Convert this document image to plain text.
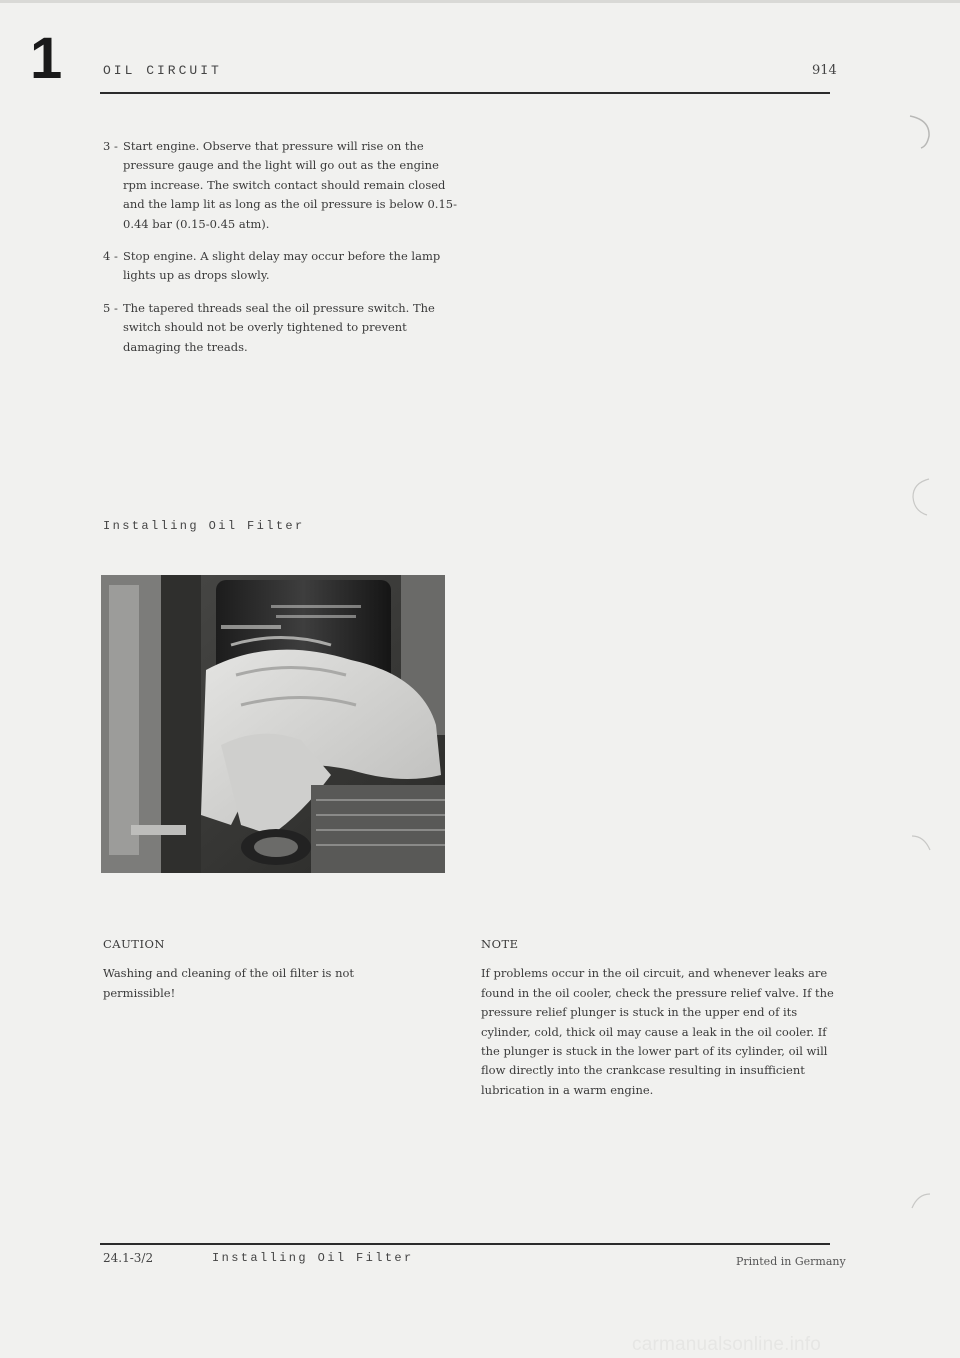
1	OIL CIRCUIT	914
3 - Start engine. Observe that pressure will rise on the pressure gauge and the light will go out as the engine rpm increase. The switch contact should remain closed and the lamp lit as long as the oil pressure is below 0.15-0.44 bar (0.15-0.45 atm).
4 - Stop engine. A slight delay may occur before the lamp lights up as drops slowly.
5 - The tapered threads seal the oil pressure switch. The switch should not be overly tightened to prevent damaging the treads.
Installing Oil Filter
CAUTION
Washing and cleaning of the oil filter is not permissible!
NOTE
If problems occur in the oil circuit, and whenever leaks are found in the oil cooler, check the pressure relief valve. If the pressure relief plunger is stuck in the upper end of its cylinder, cold, thick oil may cause a leak in the oil cooler. If the plunger is stuck in the lower part of its cylinder, oil will flow directly into the crankcase resulting in insufficient lubrication in a warm engine.
24.1-3/2	Installing Oil Filter	Printed in Germany
carmanualsonline.info
